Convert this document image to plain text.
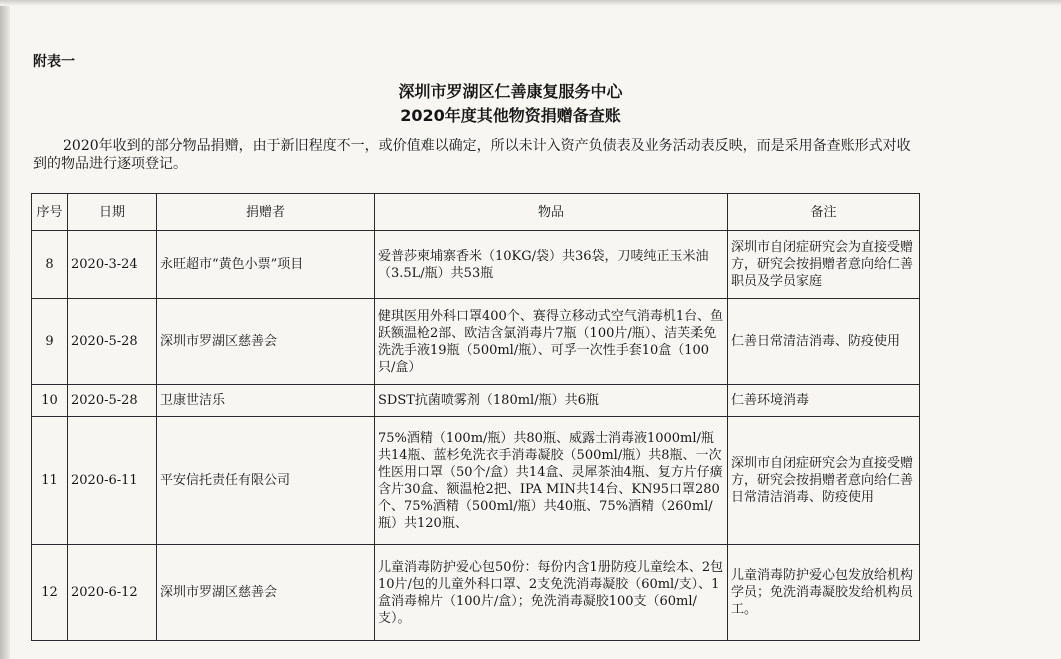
附表一
深圳市罗湖区仁善康复服务中心
2020年度其他物资捐赠备查账
2020年收到的部分物品捐赠，由于新旧程度不一，或价值难以确定，所以未计入资产负债表及业务活动表反映，而是采用备查账形式对收到的物品进行逐项登记。
序号	日期	捐赠者	物品	备注
8	2020-3-24	永旺超市“黄色小票”项目	爱普莎柬埔寨香米（10KG/袋）共36袋，刀唛纯正玉米油（3.5L/瓶）共53瓶	深圳市自闭症研究会为直接受赠方，研究会按捐赠者意向给仁善职员及学员家庭
9	2020-5-28	深圳市罗湖区慈善会	健琪医用外科口罩400个、赛得立移动式空气消毒机1台、鱼跃额温枪2部、欧洁含氯消毒片7瓶（100片/瓶）、洁芙柔免洗洗手液19瓶（500ml/瓶）、可孚一次性手套10盒（100只/盒）	仁善日常清洁消毒、防疫使用
10	2020-5-28	卫康世洁乐	SDST抗菌喷雾剂（180ml/瓶）共6瓶	仁善环境消毒
11	2020-6-11	平安信托责任有限公司	75%酒精（100m/瓶）共80瓶、威露士消毒液1000ml/瓶共14瓶、蓝杉免洗衣手消毒凝胶（500ml/瓶）共8瓶、一次性医用口罩（50个/盒）共14盒、灵犀茶油4瓶、复方片仔癀含片30盒、额温枪2把、IPA MIN共14台、KN95口罩280个、75%酒精（500ml/瓶）共40瓶、75%酒精（260ml/瓶）共120瓶、	深圳市自闭症研究会为直接受赠方，研究会按捐赠者意向给仁善日常清洁消毒、防疫使用
12	2020-6-12	深圳市罗湖区慈善会	儿童消毒防护爱心包50份：每份内含1册防疫儿童绘本、2包10片/包的儿童外科口罩、2支免洗消毒凝胶（60ml/支）、1盒消毒棉片（100片/盒）；免洗消毒凝胶100支（60ml/支）。	儿童消毒防护爱心包发放给机构学员；免洗消毒凝胶发给机构员工。
